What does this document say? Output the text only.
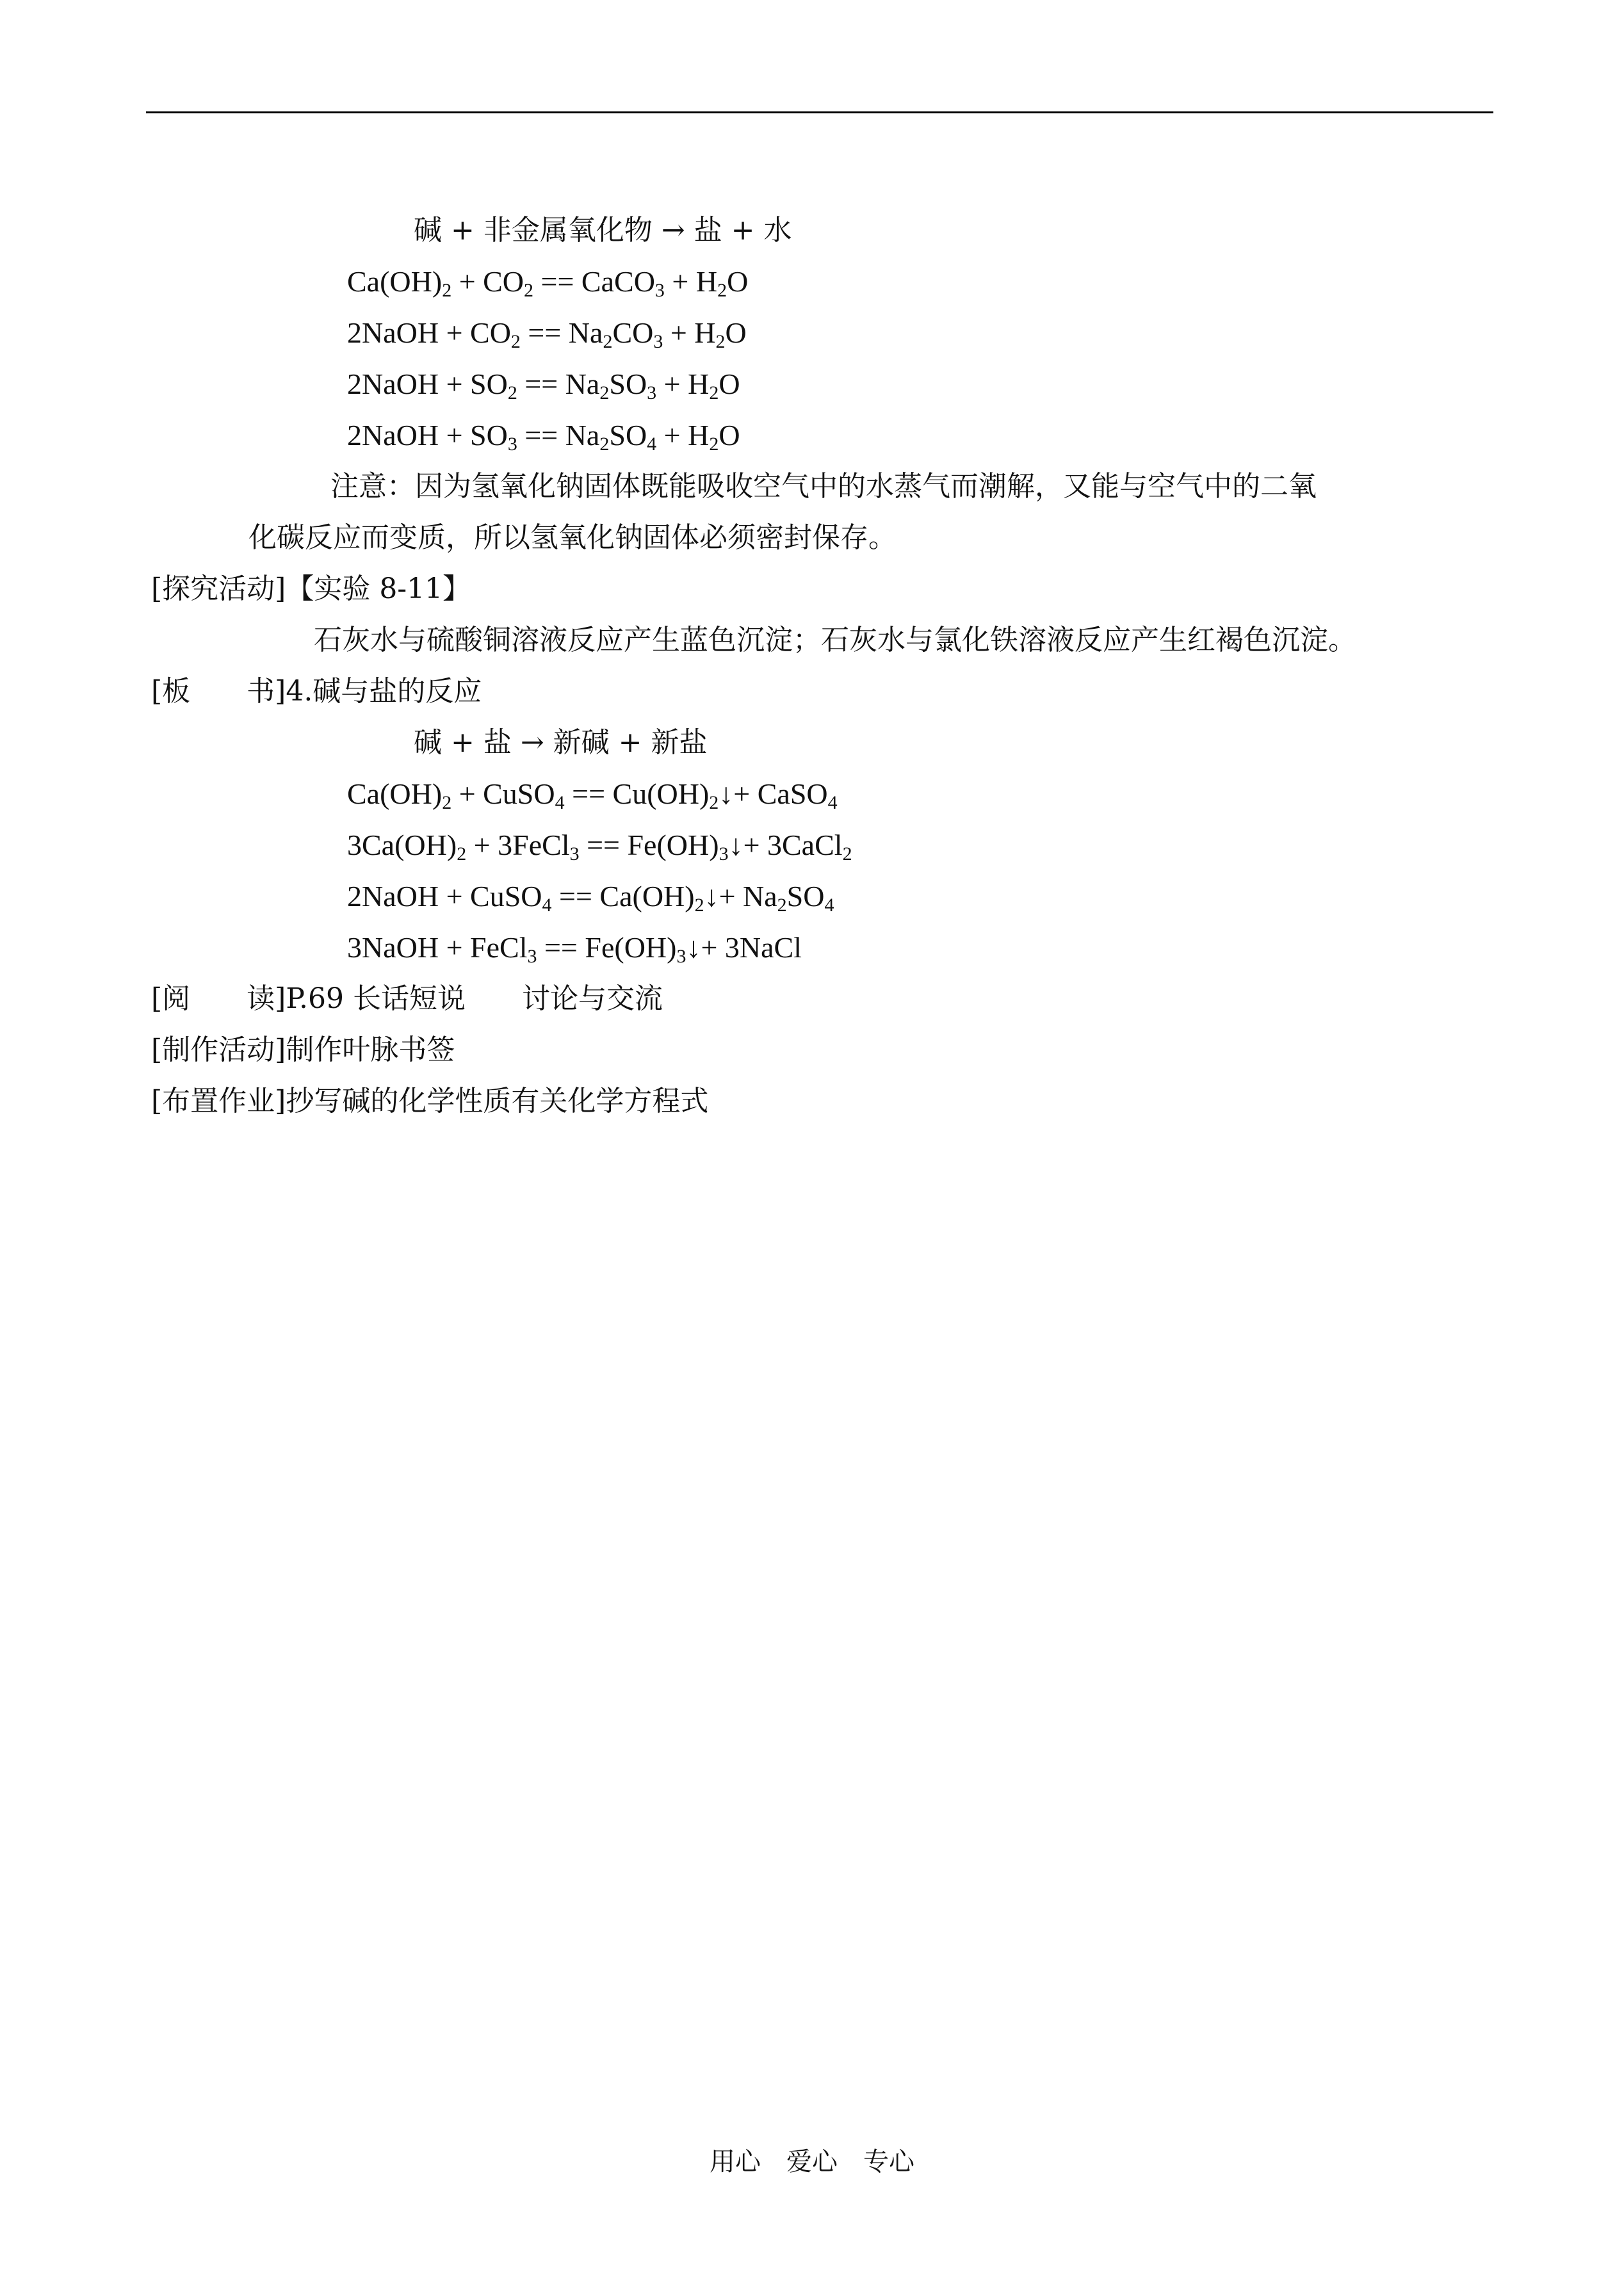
碱 + 非金属氧化物 → 盐 + 水
$Ca(OH)_2 + CO_2$ == CaCO$_3$ + $H_2O$
2NaOH + $CO_2 == Na_2CO_3 + H_2O$
2NaOH + $SO_2 == Na_2SO_3 + H_2O$
2NaOH + $SO_3 == Na_2SO_4 + H_2O$
注意：因为氢氧化钠固体既能吸收空气中的水蒸气而潮解，又能与空气中的二氧
化碳反应而变质，所以氢氧化钠固体必须密封保存。
[探究活动]【实验 8-11】
石灰水与硫酸铜溶液反应产生蓝色沉淀；石灰水与氯化铁溶液反应产生红褐色沉淀。
[板　　书]4.碱与盐的反应
碱 + 盐 → 新碱 + 新盐
$Ca(OH)_2$ + CuSO$_4$ == $Cu(OH)_2↓+$ CaSO$_4$
$3Ca(OH)_2$ + 3FeCl$_3$ == $Fe(OH)_3↓+$ 3CaCl$_2$
2NaOH + CuSO$_4$ == $Ca(OH)_2↓+ Na_2SO_4$
3NaOH + FeCl$_3$ == $Fe(OH)_3↓+$ 3NaCl
[阅　　读]P.69 长话短说　　讨论与交流
[制作活动]制作叶脉书签
[布置作业]抄写碱的化学性质有关化学方程式
用心　爱心　专心
